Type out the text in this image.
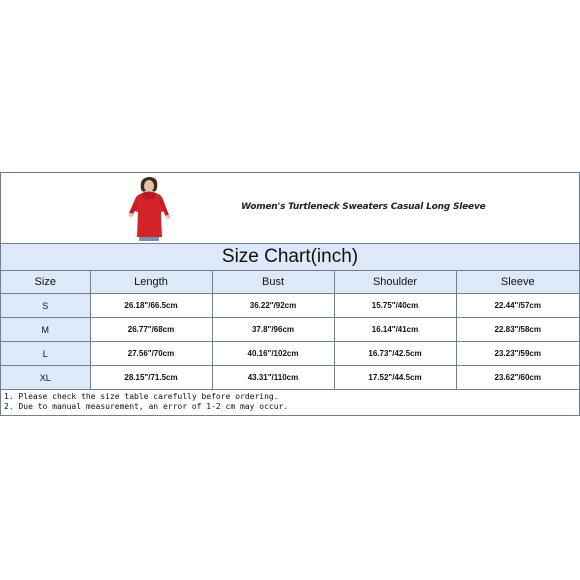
Women's Turtleneck Sweaters Casual Long Sleeve
Size Chart(inch)
Size	Length	Bust	Shoulder	Sleeve
S	26.18"/66.5cm	36.22"/92cm	15.75"/40cm	22.44"/57cm
M	26.77"/68cm	37.8"/96cm	16.14"/41cm	22.83"/58cm
L	27.56"/70cm	40.16"/102cm	16.73"/42.5cm	23.23"/59cm
XL	28.15"/71.5cm	43.31"/110cm	17.52"/44.5cm	23.62"/60cm
1. Please check the size table carefully before ordering.
2. Due to manual measurement, an error of 1-2 cm may occur.
